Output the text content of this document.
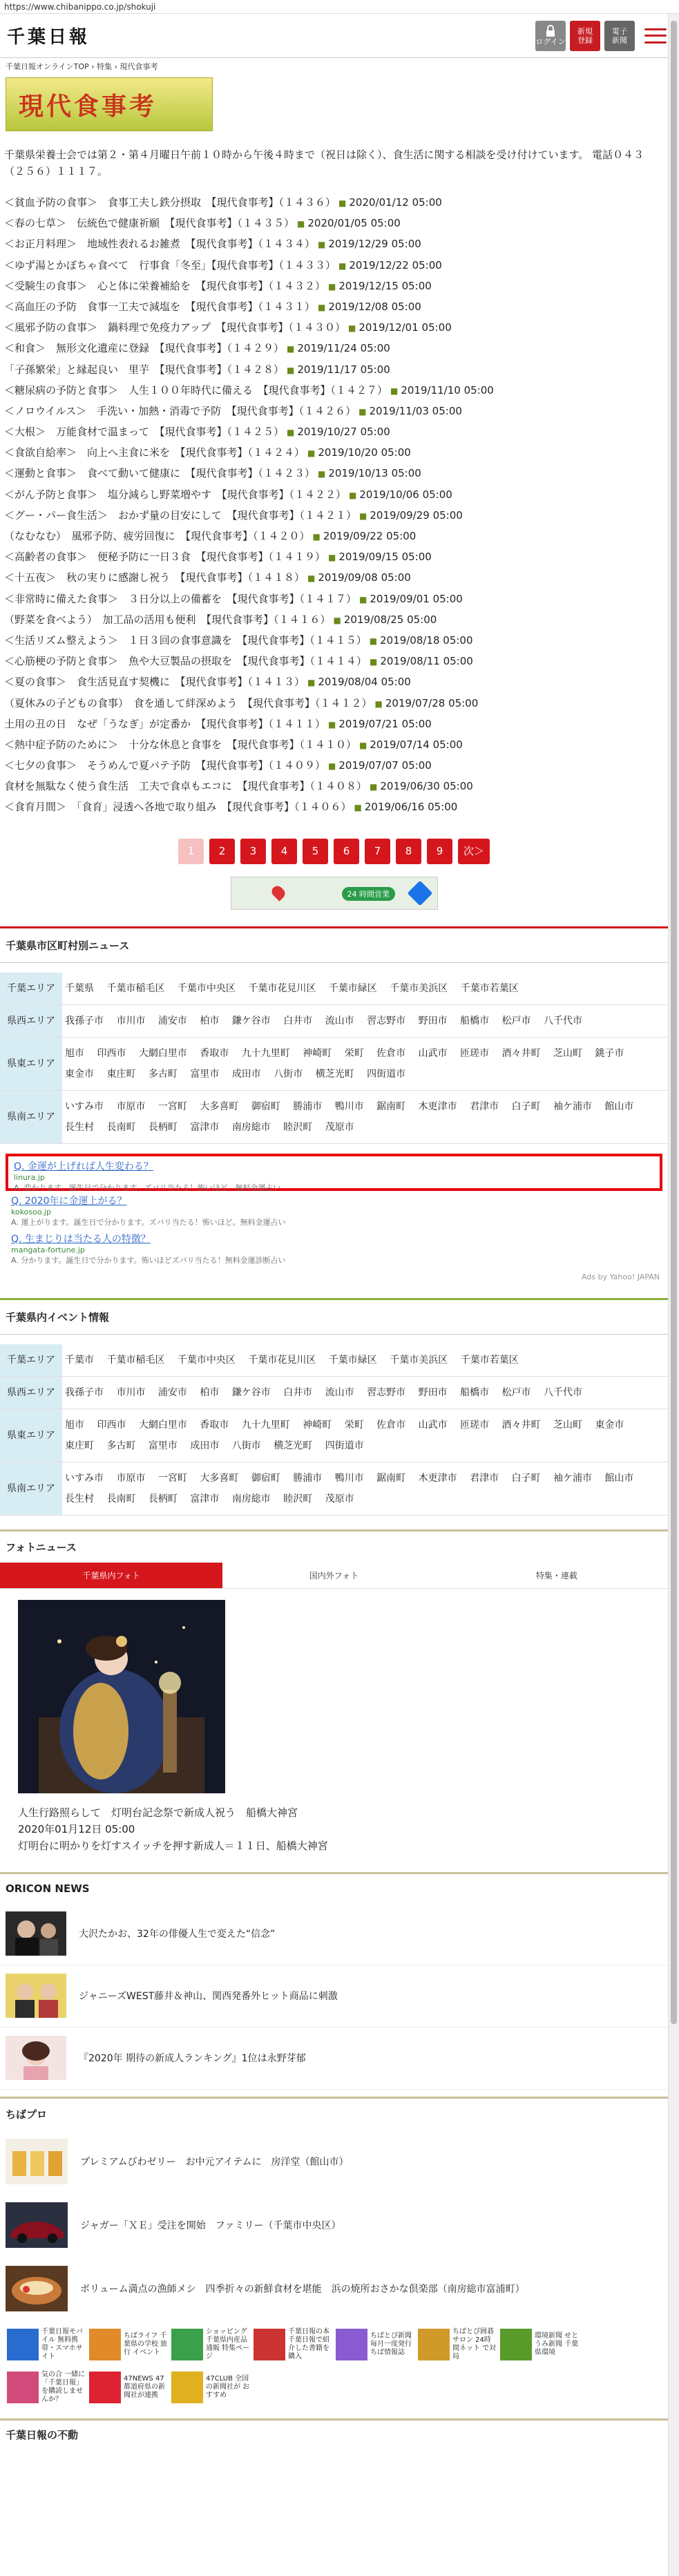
https://www.chibanippo.co.jp/shokuji
千葉日報	ログイン
新規
登録
電子
新聞
千葉日報オンラインTOP › 特集 › 現代食事考
現代食事考

千葉県栄養士会では第２・第４月曜日午前１０時から午後４時まで（祝日は除く）、食生活に関する相談を受け付けています。 電話０４３（２５６）１１１７。

＜貧血予防の食事＞　食事工夫し鉄分摂取　【現代食事考】（１４３６） ■ 2020/01/12 05:00
＜春の七草＞　伝統色で健康祈願　【現代食事考】（１４３５） ■ 2020/01/05 05:00
＜お正月料理＞　地域性表れるお雑煮　【現代食事考】（１４３４） ■ 2019/12/29 05:00
＜ゆず湯とかぼちゃ食べて　行事食「冬至」【現代食事考】（１４３３） ■ 2019/12/22 05:00
＜受験生の食事＞　心と体に栄養補給を　【現代食事考】（１４３２） ■ 2019/12/15 05:00
＜高血圧の予防　食事一工夫で減塩を　【現代食事考】（１４３１） ■ 2019/12/08 05:00
＜風邪予防の食事＞　鍋料理で免疫力アップ　【現代食事考】（１４３０） ■ 2019/12/01 05:00
＜和食＞　無形文化遺産に登録　【現代食事考】（１４２９） ■ 2019/11/24 05:00
「子孫繁栄」と縁起良い　里芋　【現代食事考】（１４２８） ■ 2019/11/17 05:00
＜糖尿病の予防と食事＞　人生１００年時代に備える　【現代食事考】（１４２７） ■ 2019/11/10 05:00
＜ノロウイルス＞　手洗い・加熱・消毒で予防　【現代食事考】（１４２６） ■ 2019/11/03 05:00
＜大根＞　万能食材で温まって　【現代食事考】（１４２５） ■ 2019/10/27 05:00
＜食欲自給率＞　向上へ主食に米を　【現代食事考】（１４２４） ■ 2019/10/20 05:00
＜運動と食事＞　食べて動いて健康に　【現代食事考】（１４２３） ■ 2019/10/13 05:00
＜がん予防と食事＞　塩分減らし野菜増やす　【現代食事考】（１４２２） ■ 2019/10/06 05:00
＜グー・パー食生活＞　おかず量の目安にして　【現代食事考】（１４２１） ■ 2019/09/29 05:00
（なむなむ）　風邪予防、疲労回復に　【現代食事考】（１４２０） ■ 2019/09/22 05:00
＜高齢者の食事＞　便秘予防に一日３食　【現代食事考】（１４１９） ■ 2019/09/15 05:00
＜十五夜＞　秋の実りに感謝し祝う　【現代食事考】（１４１８） ■ 2019/09/08 05:00
＜非常時に備えた食事＞　３日分以上の備蓄を　【現代食事考】（１４１７） ■ 2019/09/01 05:00
（野菜を食べよう）　加工品の活用も便利　【現代食事考】（１４１６） ■ 2019/08/25 05:00
＜生活リズム整えよう＞　１日３回の食事意識を　【現代食事考】（１４１５） ■ 2019/08/18 05:00
＜心筋梗の予防と食事＞　魚や大豆製品の摂取を　【現代食事考】（１４１４） ■ 2019/08/11 05:00
＜夏の食事＞　食生活見直す契機に　【現代食事考】（１４１３） ■ 2019/08/04 05:00
（夏休みの子どもの食事）　食を通して絆深めよう　【現代食事考】（１４１２） ■ 2019/07/28 05:00
土用の丑の日　なぜ「うなぎ」が定番か　【現代食事考】（１４１１） ■ 2019/07/21 05:00
＜熱中症予防のために＞　十分な休息と食事を　【現代食事考】（１４１０） ■ 2019/07/14 05:00
＜七夕の食事＞　そうめんで夏バテ予防　【現代食事考】（１４０９） ■ 2019/07/07 05:00
食材を無駄なく使う食生活　工夫で食卓もエコに　【現代食事考】（１４０８） ■ 2019/06/30 05:00
＜食育月間＞　「食育」浸透へ各地で取り組み　【現代食事考】（１４０６） ■ 2019/06/16 05:00
1	2	3	4	5	6	7	8	9	次＞
24 時間営業
千葉県市区町村別ニュース
千葉エリア	千葉県 千葉市稲毛区 千葉市中央区 千葉市花見川区 千葉市緑区 千葉市美浜区 千葉市若葉区
県西エリア	我孫子市 市川市 浦安市 柏市 鎌ケ谷市 白井市 流山市 習志野市 野田市 船橋市 松戸市 八千代市
県東エリア	旭市 印西市 大網白里市 香取市 九十九里町 神崎町 栄町 佐倉市 山武市 匝瑳市 酒々井町 芝山町 銚子市 東金市 東庄町 多古町 富里市 成田市 八街市 横芝光町 四街道市
県南エリア	いすみ市 市原市 一宮町 大多喜町 御宿町 勝浦市 鴨川市 鋸南町 木更津市 君津市 白子町 袖ケ浦市 館山市 長生村 長南町 長柄町 富津市 南房総市 睦沢町 茂原市
Q. 金運が上げれば人生変わる？
linura.jp
A. 変わります。誕生日で分かります。ズバリ当たる！怖いほど。無料金運占い
Q. 2020年に金運上がる？
kokosoo.jp
A. 運上がります。誕生日で分かります。ズバリ当たる！怖いほど。無料金運占い
Q. 生まじりは当たる人の特徴？
mangata-fortune.jp
A. 分かります。誕生日で分かります。怖いほどズバリ当たる！無料金運診断占い
Ads by Yahoo! JAPAN
千葉県内イベント情報
千葉エリア	千葉市 千葉市稲毛区 千葉市中央区 千葉市花見川区 千葉市緑区 千葉市美浜区 千葉市若葉区
県西エリア	我孫子市 市川市 浦安市 柏市 鎌ケ谷市 白井市 流山市 習志野市 野田市 船橋市 松戸市 八千代市
県東エリア	旭市 印西市 大網白里市 香取市 九十九里町 神崎町 栄町 佐倉市 山武市 匝瑳市 酒々井町 芝山町 東金市 東庄町 多古町 富里市 成田市 八街市 横芝光町 四街道市
県南エリア	いすみ市 市原市 一宮町 大多喜町 御宿町 勝浦市 鴨川市 鋸南町 木更津市 君津市 白子町 袖ケ浦市 館山市 長生村 長南町 長柄町 富津市 南房総市 睦沢町 茂原市
フォトニュース
千葉県内フォト	国内外フォト	特集・連載
人生行路照らして　灯明台記念祭で新成人祝う　船橋大神宮
2020年01月12日 05:00
灯明台に明かりを灯すスイッチを押す新成人＝１１日、船橋大神宮
ORICON NEWS
大沢たかお、32年の俳優人生で変えた“信念”
ジャニーズWEST藤井＆神山、関西発番外ヒット商品に刺激
『2020年 期待の新成人ランキング』1位は永野芽郁
ちばプロ
プレミアムびわゼリー　お中元アイテムに　房洋堂（館山市）
ジャガー「ＸＥ」受注を開始　ファミリー（千葉市中央区）
ボリューム満点の漁師メシ　四季折々の新鮮食材を堪能　浜の焼所おさかな倶楽部（南房総市富浦町）
千葉日報モバイル 無料携帯・スマホサイト
ちばライフ 千葉県の学校 旅行 イベント
ショッピング 千葉県内産品 通販 特集ページ
千葉日報の本 千葉日報で紹介した書籍を購入
ちばとぴ新聞 毎月一度発行 ちば情報誌
ちばとぴ囲碁 サロン 24時間ネット で対局
環境新聞 せとうみ新聞 千葉県環境
気の合 一緒に「千葉日報」を購読しませんか？
47NEWS 47都道府県の新聞社が連携
47CLUB 全国の新聞社が おすすめ
千葉日報の不動
